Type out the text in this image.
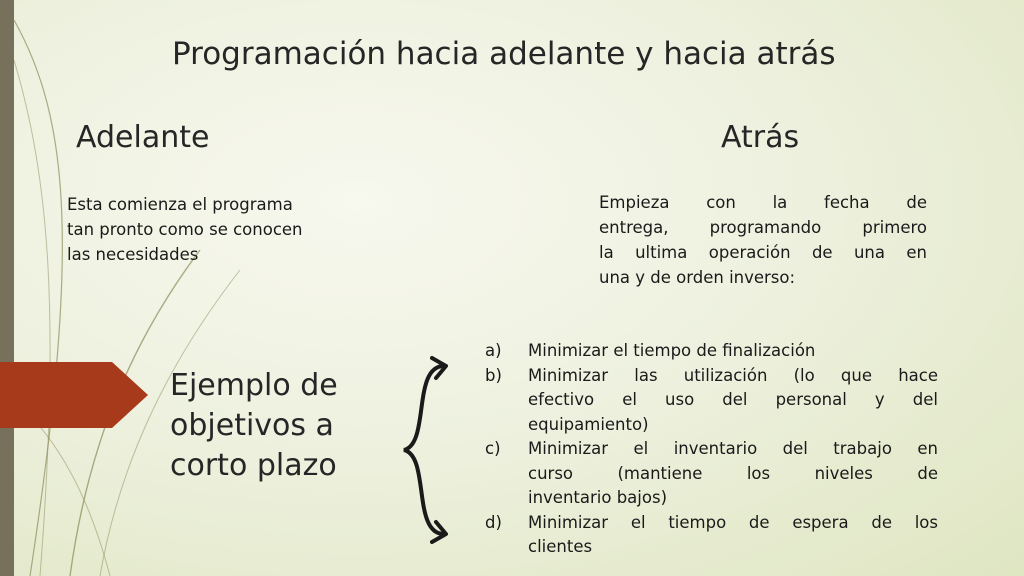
Programación hacia adelante y hacia atrás
Adelante	Atrás
Esta comienza el programa tan pronto como se conocen las necesidades
Empieza con la fecha de
entrega, programando primero
la ultima operación de una en
una y de orden inverso:
Ejemplo de objetivos a corto plazo
a) Minimizar el tiempo de finalización
b) Minimizar las utilización (lo que hace
efectivo el uso del personal y del
equipamiento)
c) Minimizar el inventario del trabajo en
curso (mantiene los niveles de
inventario bajos)
d) Minimizar el tiempo de espera de los
clientes
